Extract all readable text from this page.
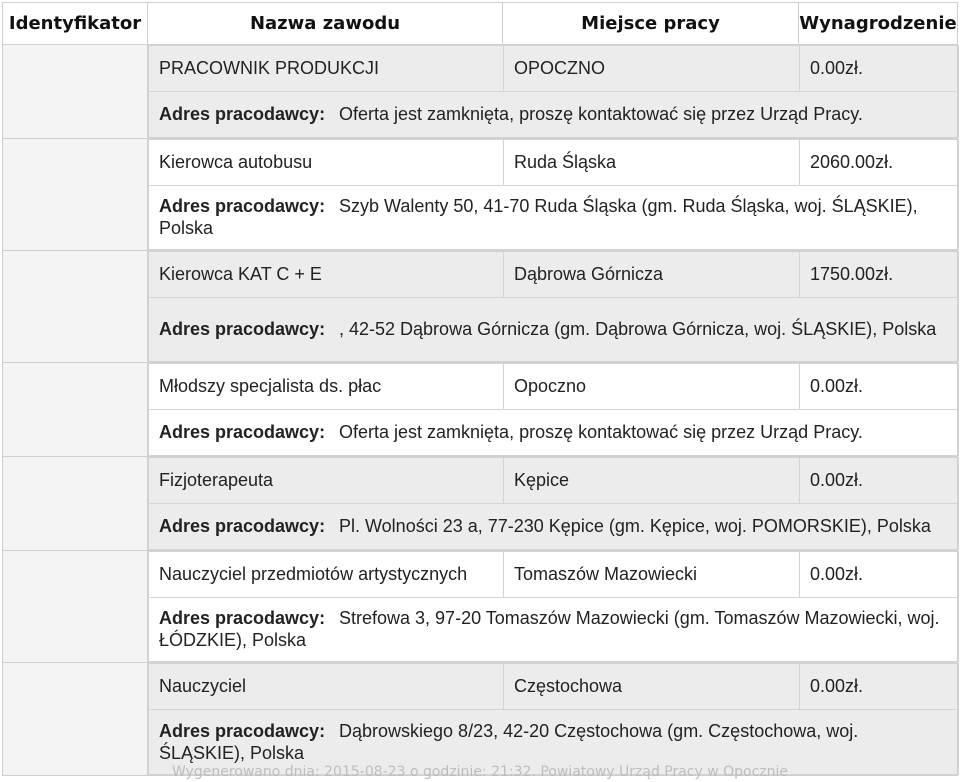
Identyfikator	Nazwa zawodu	Miejsce pracy	Wynagrodzenie

PRACOWNIK PRODUKCJI	OPOCZNO	0.00zł.
Adres pracodawcy: Oferta jest zamknięta, proszę kontaktować się przez Urząd Pracy.

Kierowca autobusu	Ruda Śląska	2060.00zł.
Adres pracodawcy: Szyb Walenty 50, 41-70 Ruda Śląska (gm. Ruda Śląska, woj. ŚLĄSKIE), Polska

Kierowca KAT C + E	Dąbrowa Górnicza	1750.00zł.
Adres pracodawcy: , 42-52 Dąbrowa Górnicza (gm. Dąbrowa Górnicza, woj. ŚLĄSKIE), Polska

Młodszy specjalista ds. płac	Opoczno	0.00zł.
Adres pracodawcy: Oferta jest zamknięta, proszę kontaktować się przez Urząd Pracy.

Fizjoterapeuta	Kępice	0.00zł.
Adres pracodawcy: Pl. Wolności 23 a, 77-230 Kępice (gm. Kępice, woj. POMORSKIE), Polska

Nauczyciel przedmiotów artystycznych	Tomaszów Mazowiecki	0.00zł.
Adres pracodawcy: Strefowa 3, 97-20 Tomaszów Mazowiecki (gm. Tomaszów Mazowiecki, woj. ŁÓDZKIE), Polska

Nauczyciel	Częstochowa	0.00zł.
Adres pracodawcy: Dąbrowskiego 8/23, 42-20 Częstochowa (gm. Częstochowa, woj. ŚLĄSKIE), Polska
Wygenerowano dnia: 2015-08-23 o godzinie: 21:32. Powiatowy Urząd Pracy w Opocznie
